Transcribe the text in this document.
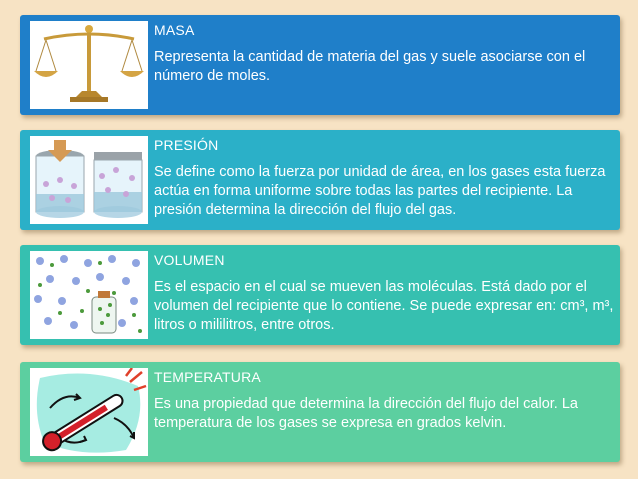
MASA
Representa la cantidad de materia del gas y suele asociarse con el número de moles.
PRESIÓN
Se define como la fuerza por unidad de área, en los gases esta fuerza actúa en forma uniforme sobre todas las partes del recipiente. La presión determina la dirección del flujo del gas.
VOLUMEN
Es el espacio en el cual se mueven las moléculas. Está dado por el volumen del recipiente que lo contiene. Se puede expresar en: cm³, m³, litros o mililitros, entre otros.
TEMPERATURA
Es una propiedad que determina la dirección del flujo del calor. La temperatura de los gases se expresa en grados kelvin.
